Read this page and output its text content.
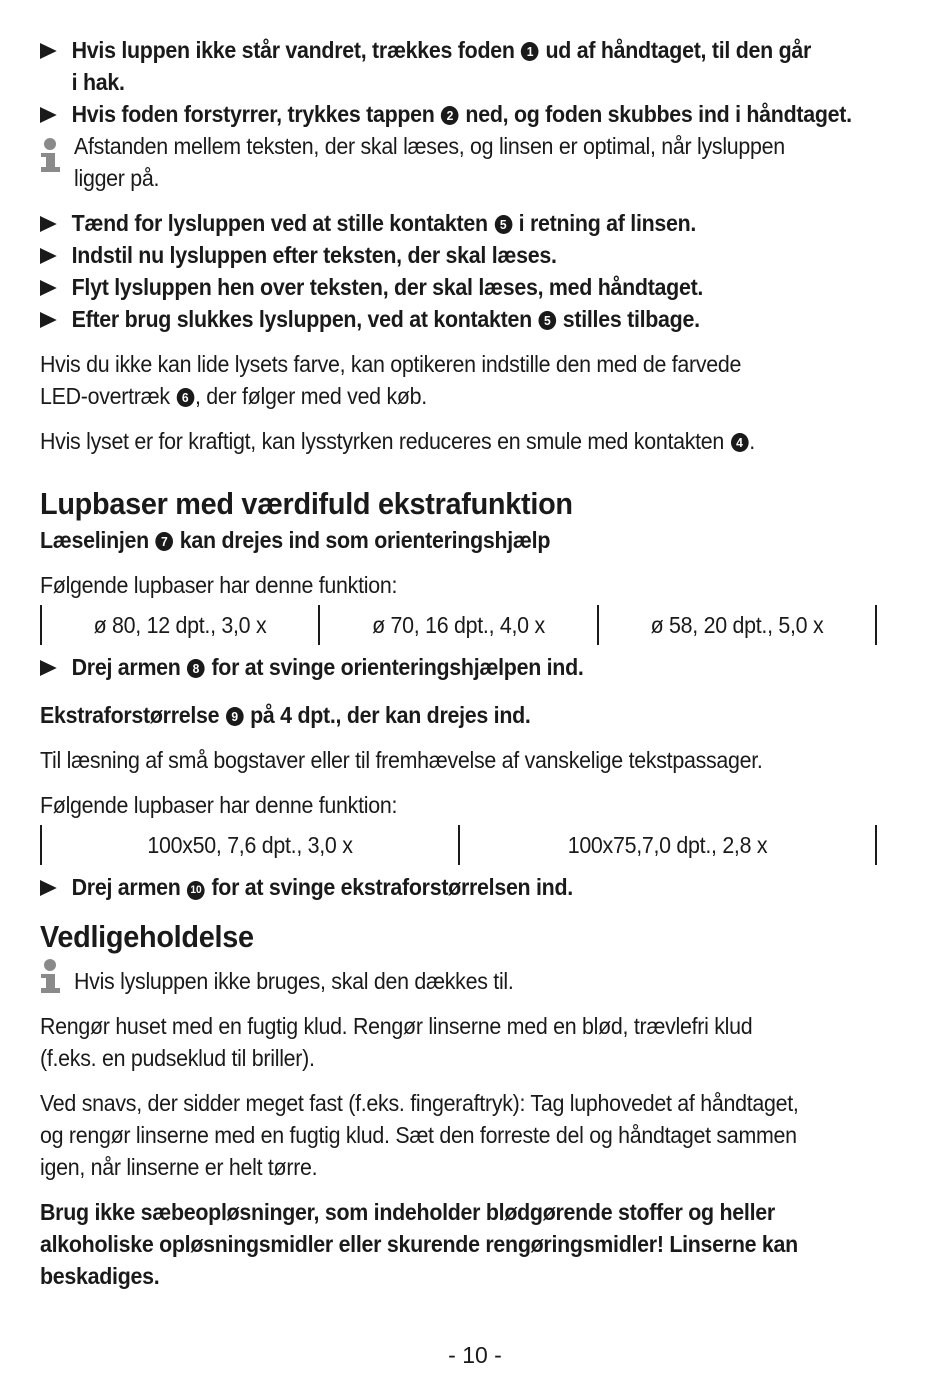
Hvis luppen ikke står vandret, trækkes foden 1 ud af håndtaget, til den går
i hak.
Hvis foden forstyrrer, trykkes tappen 2 ned, og foden skubbes ind i håndtaget.
Afstanden mellem teksten, der skal læses, og linsen er optimal, når lysluppen
ligger på.
Tænd for lysluppen ved at stille kontakten 5 i retning af linsen.
Indstil nu lysluppen efter teksten, der skal læses.
Flyt lysluppen hen over teksten, der skal læses, med håndtaget.
Efter brug slukkes lysluppen, ved at kontakten 5 stilles tilbage.
Hvis du ikke kan lide lysets farve, kan optikeren indstille den med de farvede
LED-overtræk 6 , der følger med ved køb.
Hvis lyset er for kraftigt, kan lysstyrken reduceres en smule med kontakten 4 .
Lupbaser med værdifuld ekstrafunktion
Læselinjen 7 kan drejes ind som orienteringshjælp
Følgende lupbaser har denne funktion:
ø 80, 12 dpt., 3,0 x	ø 70, 16 dpt., 4,0 x	ø 58, 20 dpt., 5,0 x
Drej armen 8 for at svinge orienteringshjælpen ind.
Ekstraforstørrelse 9 på 4 dpt., der kan drejes ind.
Til læsning af små bogstaver eller til fremhævelse af vanskelige tekstpassager.
Følgende lupbaser har denne funktion:
100x50, 7,6 dpt., 3,0 x	100x75,7,0 dpt., 2,8 x
Drej armen 10 for at svinge ekstraforstørrelsen ind.
Vedligeholdelse
Hvis lysluppen ikke bruges, skal den dækkes til.
Rengør huset med en fugtig klud. Rengør linserne med en blød, trævlefri klud
(f.eks. en pudseklud til briller).
Ved snavs, der sidder meget fast (f.eks. fingeraftryk): Tag luphovedet af håndtaget,
og rengør linserne med en fugtig klud. Sæt den forreste del og håndtaget sammen
igen, når linserne er helt tørre.
Brug ikke sæbeopløsninger, som indeholder blødgørende stoffer og heller
alkoholiske opløsningsmidler eller skurende rengøringsmidler! Linserne kan
beskadiges.
- 10 -
